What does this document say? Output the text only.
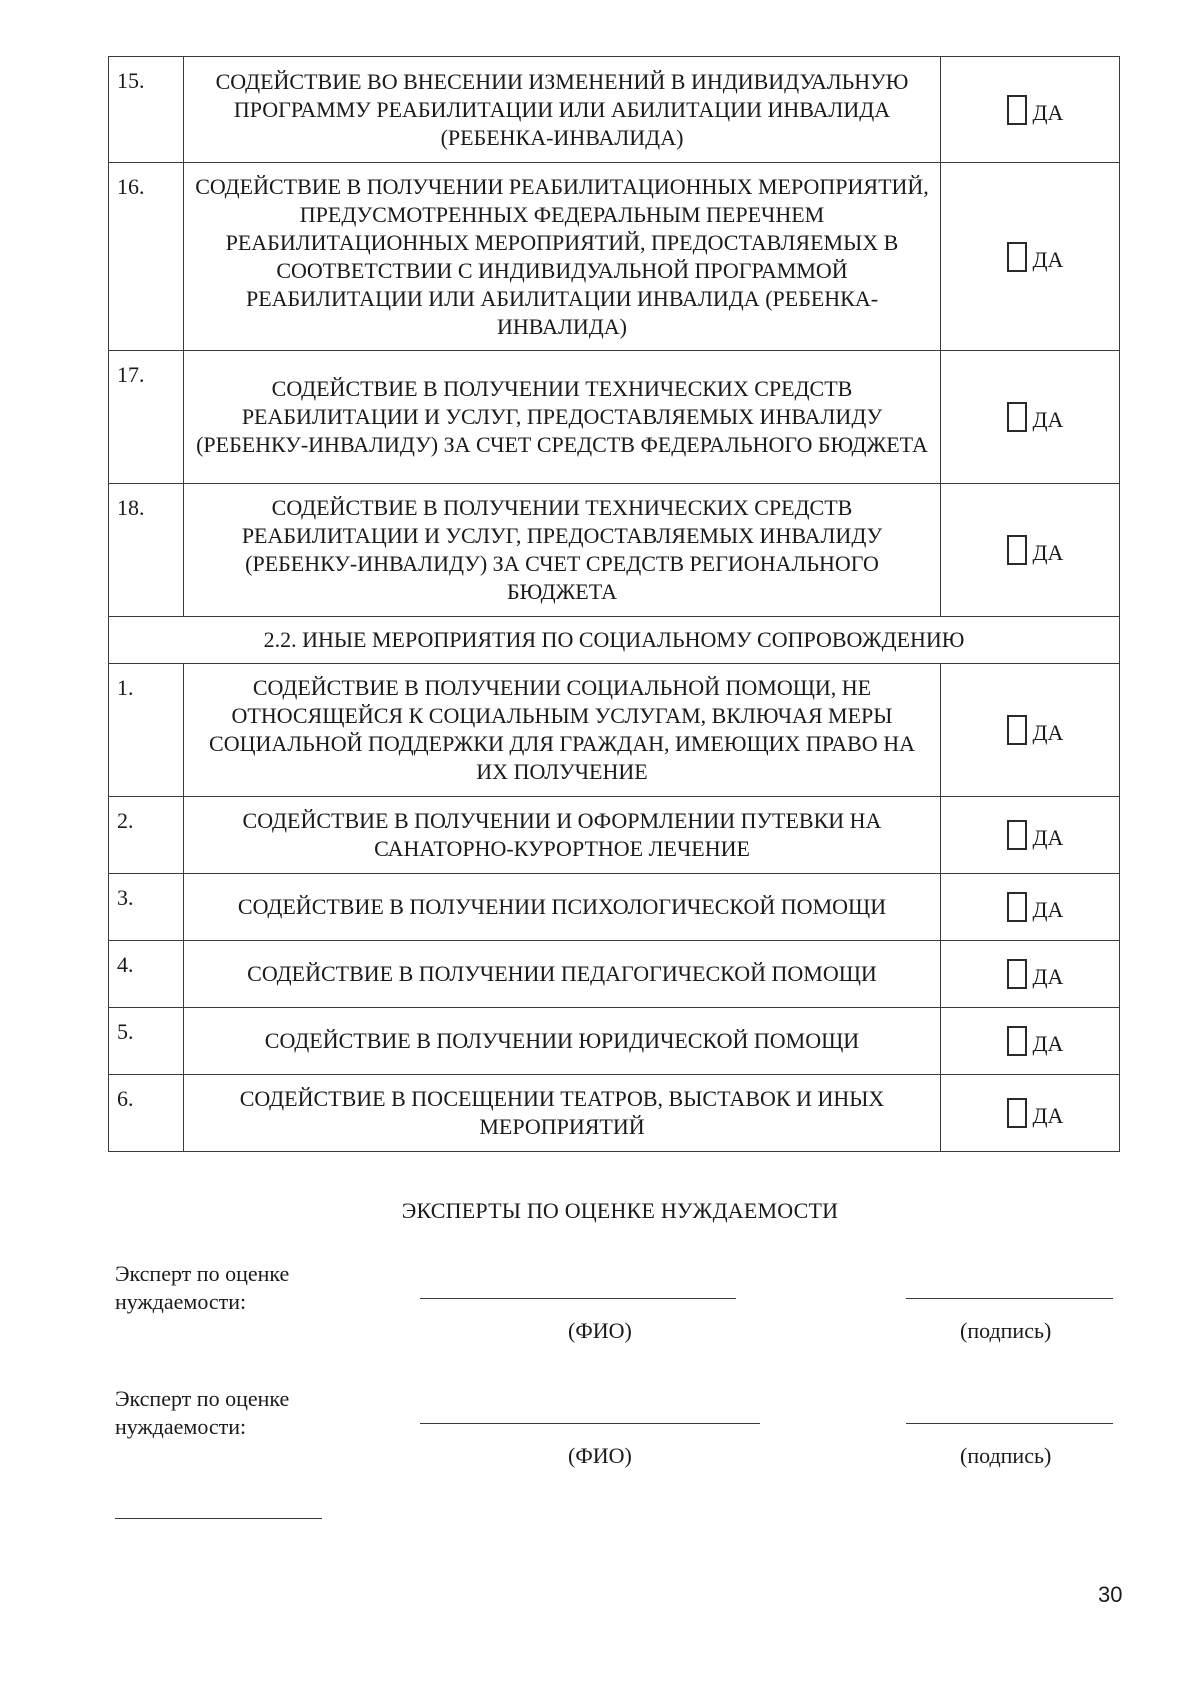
15.	СОДЕЙСТВИЕ ВО ВНЕСЕНИИ ИЗМЕНЕНИЙ В ИНДИВИДУАЛЬНУЮ ПРОГРАММУ РЕАБИЛИТАЦИИ ИЛИ АБИЛИТАЦИИ ИНВАЛИДА (РЕБЕНКА-ИНВАЛИДА)	ДА

16.	СОДЕЙСТВИЕ В ПОЛУЧЕНИИ РЕАБИЛИТАЦИОННЫХ МЕРОПРИЯТИЙ, ПРЕДУСМОТРЕННЫХ ФЕДЕРАЛЬНЫМ ПЕРЕЧНЕМ РЕАБИЛИТАЦИОННЫХ МЕРОПРИЯТИЙ, ПРЕДОСТАВЛЯЕМЫХ В СООТВЕТСТВИИ С ИНДИВИДУАЛЬНОЙ ПРОГРАММОЙ РЕАБИЛИТАЦИИ ИЛИ АБИЛИТАЦИИ ИНВАЛИДА (РЕБЕНКА-ИНВАЛИДА)	ДА

17.	СОДЕЙСТВИЕ В ПОЛУЧЕНИИ ТЕХНИЧЕСКИХ СРЕДСТВ РЕАБИЛИТАЦИИ И УСЛУГ, ПРЕДОСТАВЛЯЕМЫХ ИНВАЛИДУ (РЕБЕНКУ-ИНВАЛИДУ) ЗА СЧЕТ СРЕДСТВ ФЕДЕРАЛЬНОГО БЮДЖЕТА	ДА

18.	СОДЕЙСТВИЕ В ПОЛУЧЕНИИ ТЕХНИЧЕСКИХ СРЕДСТВ РЕАБИЛИТАЦИИ И УСЛУГ, ПРЕДОСТАВЛЯЕМЫХ ИНВАЛИДУ (РЕБЕНКУ-ИНВАЛИДУ) ЗА СЧЕТ СРЕДСТВ РЕГИОНАЛЬНОГО БЮДЖЕТА	ДА

2.2. ИНЫЕ МЕРОПРИЯТИЯ ПО СОЦИАЛЬНОМУ СОПРОВОЖДЕНИЮ		
1.	СОДЕЙСТВИЕ В ПОЛУЧЕНИИ СОЦИАЛЬНОЙ ПОМОЩИ, НЕ ОТНОСЯЩЕЙСЯ К СОЦИАЛЬНЫМ УСЛУГАМ, ВКЛЮЧАЯ МЕРЫ СОЦИАЛЬНОЙ ПОДДЕРЖКИ ДЛЯ ГРАЖДАН, ИМЕЮЩИХ ПРАВО НА ИХ ПОЛУЧЕНИЕ	ДА

2.	СОДЕЙСТВИЕ В ПОЛУЧЕНИИ И ОФОРМЛЕНИИ ПУТЕВКИ НА САНАТОРНО-КУРОРТНОЕ ЛЕЧЕНИЕ	ДА

3.	СОДЕЙСТВИЕ В ПОЛУЧЕНИИ ПСИХОЛОГИЧЕСКОЙ ПОМОЩИ	ДА

4.	СОДЕЙСТВИЕ В ПОЛУЧЕНИИ ПЕДАГОГИЧЕСКОЙ ПОМОЩИ	ДА

5.	СОДЕЙСТВИЕ В ПОЛУЧЕНИИ ЮРИДИЧЕСКОЙ ПОМОЩИ	ДА

6.	СОДЕЙСТВИЕ В ПОСЕЩЕНИИ ТЕАТРОВ, ВЫСТАВОК И ИНЫХ МЕРОПРИЯТИЙ	ДА
ЭКСПЕРТЫ ПО ОЦЕНКЕ НУЖДАЕМОСТИ
Эксперт по оценке
нуждаемости:
(ФИО)	(подпись)
Эксперт по оценке
нуждаемости:
(ФИО)	(подпись)
30
